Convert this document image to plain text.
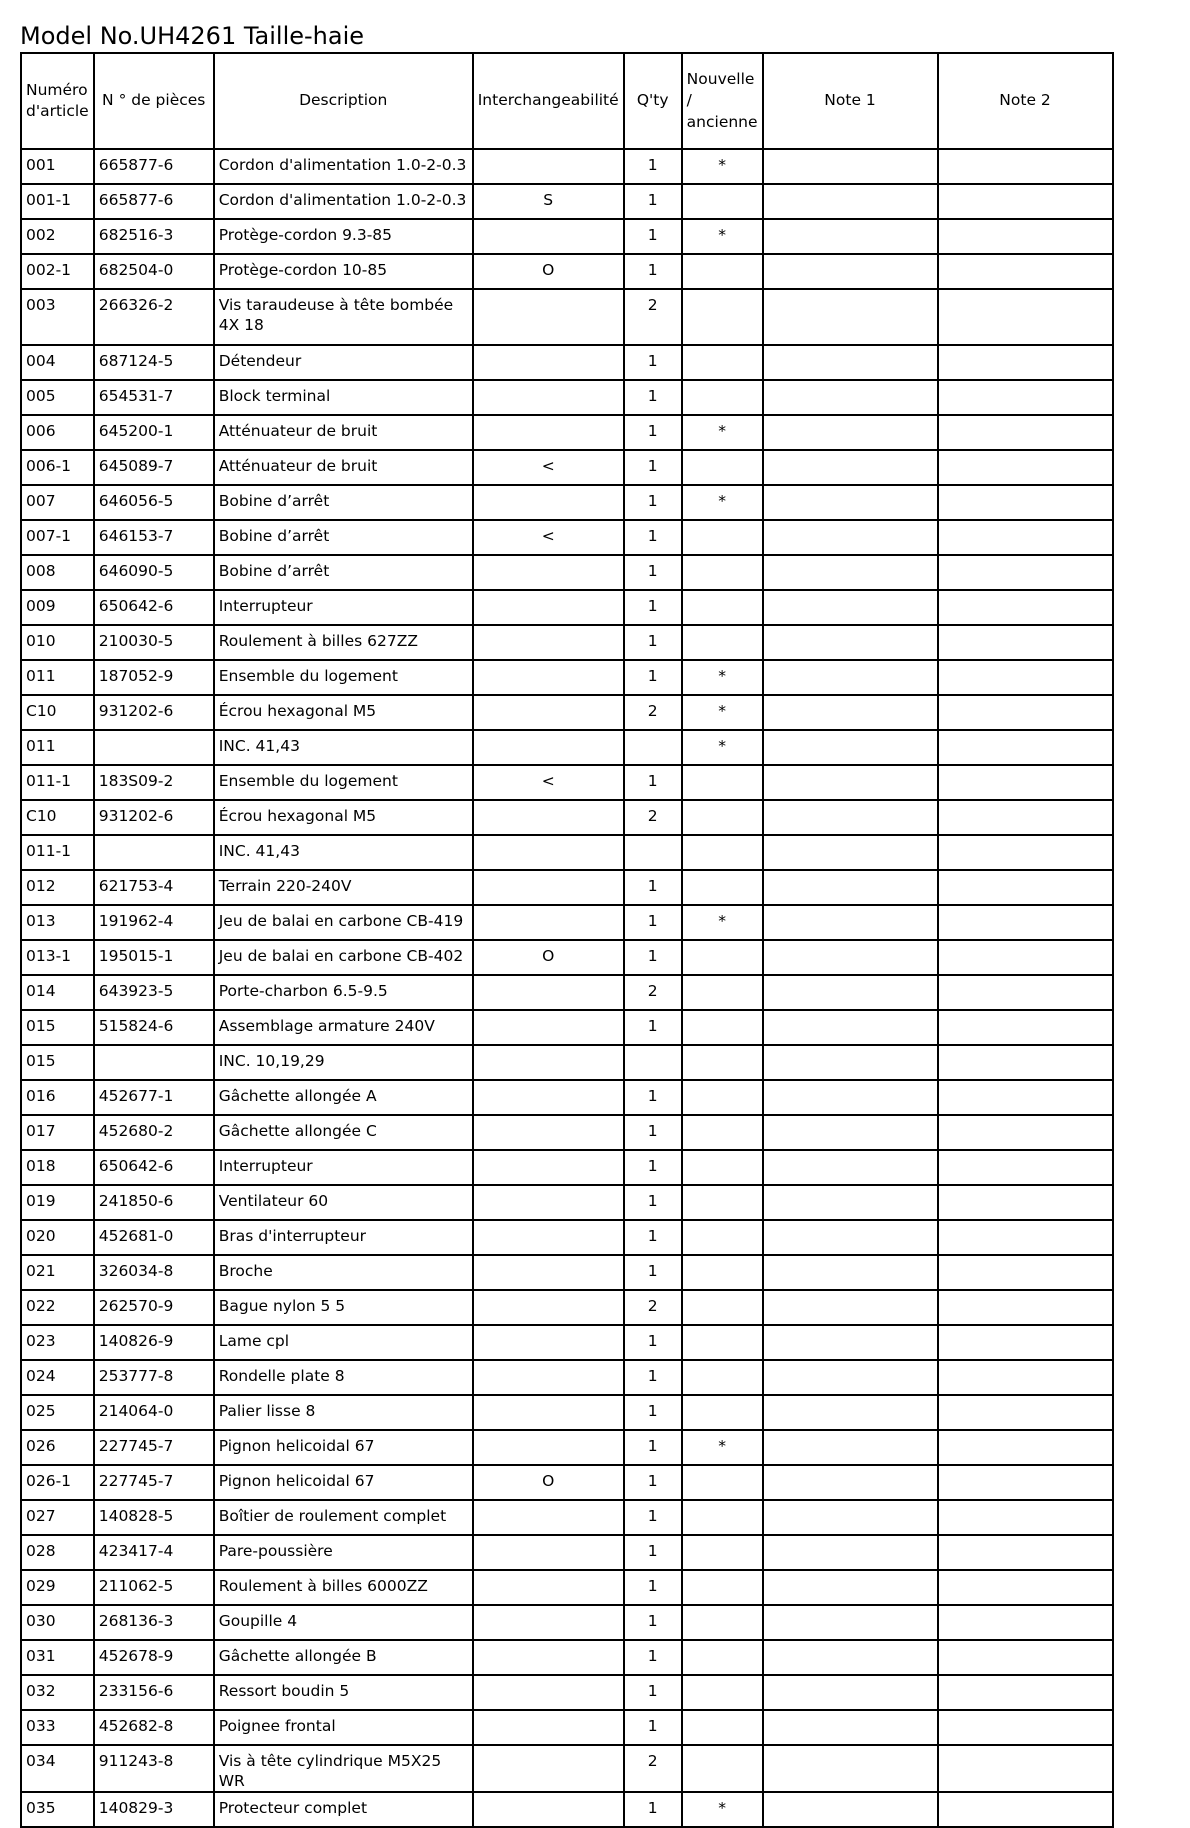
Model No.UH4261 Taille-haie
Numéro d'article	N ° de pièces	Description	Interchangeabilité	Q'ty	Nouvelle / ancienne	Note 1	Note 2
001	665877-6	Cordon d'alimentation 1.0-2-0.3		1	*		
001-1	665877-6	Cordon d'alimentation 1.0-2-0.3	S	1			
002	682516-3	Protège-cordon 9.3-85		1	*		
002-1	682504-0	Protège-cordon 10-85	O	1			
003	266326-2	Vis taraudeuse à tête bombée 4X 18		2			
004	687124-5	Détendeur		1			
005	654531-7	Block terminal		1			
006	645200-1	Atténuateur de bruit		1	*		
006-1	645089-7	Atténuateur de bruit	<	1			
007	646056-5	Bobine d’arrêt		1	*		
007-1	646153-7	Bobine d’arrêt	<	1			
008	646090-5	Bobine d’arrêt		1			
009	650642-6	Interrupteur		1			
010	210030-5	Roulement à billes 627ZZ		1			
011	187052-9	Ensemble du logement		1	*		
C10	931202-6	Écrou hexagonal M5		2	*		
011		INC. 41,43			*		
011-1	183S09-2	Ensemble du logement	<	1			
C10	931202-6	Écrou hexagonal M5		2			
011-1		INC. 41,43					
012	621753-4	Terrain 220-240V		1			
013	191962-4	Jeu de balai en carbone CB-419		1	*		
013-1	195015-1	Jeu de balai en carbone CB-402	O	1			
014	643923-5	Porte-charbon 6.5-9.5		2			
015	515824-6	Assemblage armature 240V		1			
015		INC. 10,19,29					
016	452677-1	Gâchette allongée A		1			
017	452680-2	Gâchette allongée C		1			
018	650642-6	Interrupteur		1			
019	241850-6	Ventilateur 60		1			
020	452681-0	Bras d'interrupteur		1			
021	326034-8	Broche		1			
022	262570-9	Bague nylon 5 5		2			
023	140826-9	Lame cpl		1			
024	253777-8	Rondelle plate 8		1			
025	214064-0	Palier lisse 8		1			
026	227745-7	Pignon helicoidal 67		1	*		
026-1	227745-7	Pignon helicoidal 67	O	1			
027	140828-5	Boîtier de roulement complet		1			
028	423417-4	Pare-poussière		1			
029	211062-5	Roulement à billes 6000ZZ		1			
030	268136-3	Goupille 4		1			
031	452678-9	Gâchette allongée B		1			
032	233156-6	Ressort boudin 5		1			
033	452682-8	Poignee frontal		1			
034	911243-8	Vis à tête cylindrique M5X25 WR		2			
035	140829-3	Protecteur complet		1	*		
